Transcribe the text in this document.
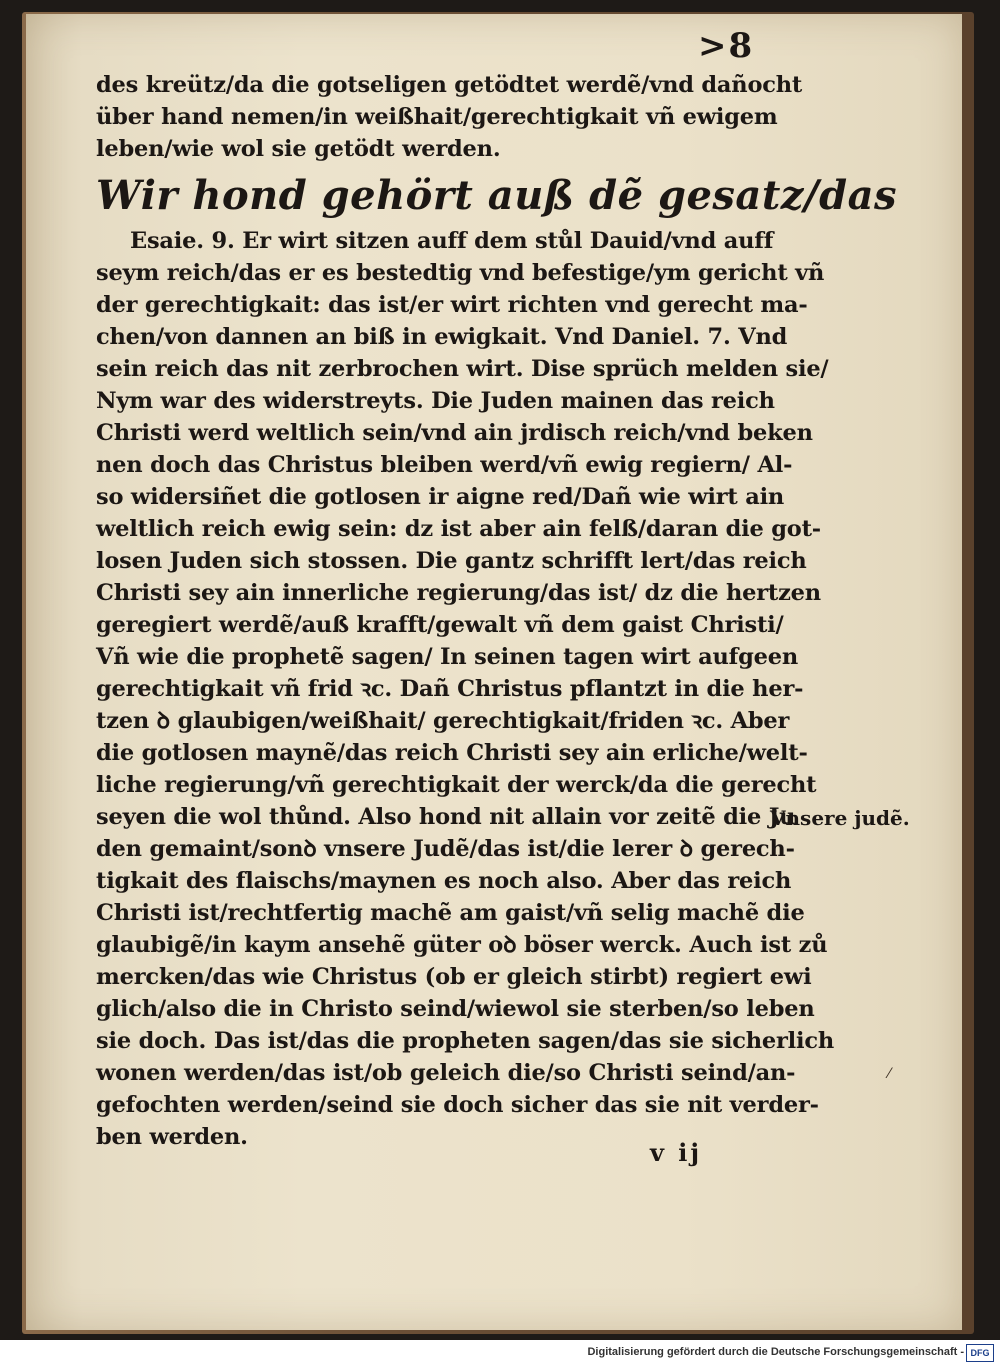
>8
des kreütz/da die gotseligen getödtet werdẽ/vnd dañocht
über hand nemen/in weißhait/gerechtigkait vñ ewigem
leben/wie wol sie getödt werden.
Wir hond gehört auß dẽ gesatz/das
Esaie. 9. Er wirt sitzen auff dem stůl Dauid/vnd auff
seym reich/das er es bestedtig vnd befestige/ym gericht vñ
der gerechtigkait: das ist/er wirt richten vnd gerecht ma-
chen/von dannen an biß in ewigkait. Vnd Daniel. 7. Vnd
sein reich das nit zerbrochen wirt. Dise sprüch melden sie/
Nym war des widerstreyts. Die Juden mainen das reich
Christi werd weltlich sein/vnd ain jrdisch reich/vnd beken
nen doch das Christus bleiben werd/vñ ewig regiern/ Al-
so widersiñet die gotlosen ir aigne red/Dañ wie wirt ain
weltlich reich ewig sein: dz ist aber ain felß/daran die got-
losen Juden sich stossen. Die gantz schrifft lert/das reich
Christi sey ain innerliche regierung/das ist/ dz die hertzen
geregiert werdẽ/auß krafft/gewalt vñ dem gaist Christi/
Vñ wie die prophetẽ sagen/ In seinen tagen wirt aufgeen
gerechtigkait vñ frid ꝛc. Dañ Christus pflantzt in die her-
tzen ꝺ glaubigen/weißhait/ gerechtigkait/friden ꝛc. Aber
die gotlosen maynẽ/das reich Christi sey ain erliche/welt-
liche regierung/vñ gerechtigkait der werck/da die gerecht
seyen die wol thůnd. Also hond nit allain vor zeitẽ die Ju
den gemaint/sonꝺ vnsere Judẽ/das ist/die lerer ꝺ gerech-
tigkait des flaischs/maynen es noch also. Aber das reich
Christi ist/rechtfertig machẽ am gaist/vñ selig machẽ die
glaubigẽ/in kaym ansehẽ güter oꝺ böser werck. Auch ist zů
mercken/das wie Christus (ob er gleich stirbt) regiert ewi
glich/also die in Christo seind/wiewol sie sterben/so leben
sie doch. Das ist/das die propheten sagen/das sie sicherlich
wonen werden/das ist/ob geleich die/so Christi seind/an-
gefochten werden/seind sie doch sicher das sie nit verder-
ben werden.
Vnsere judẽ.
v ij
⁄
Digitalisierung gefördert durch die Deutsche Forschungsgemeinschaft - DFG
